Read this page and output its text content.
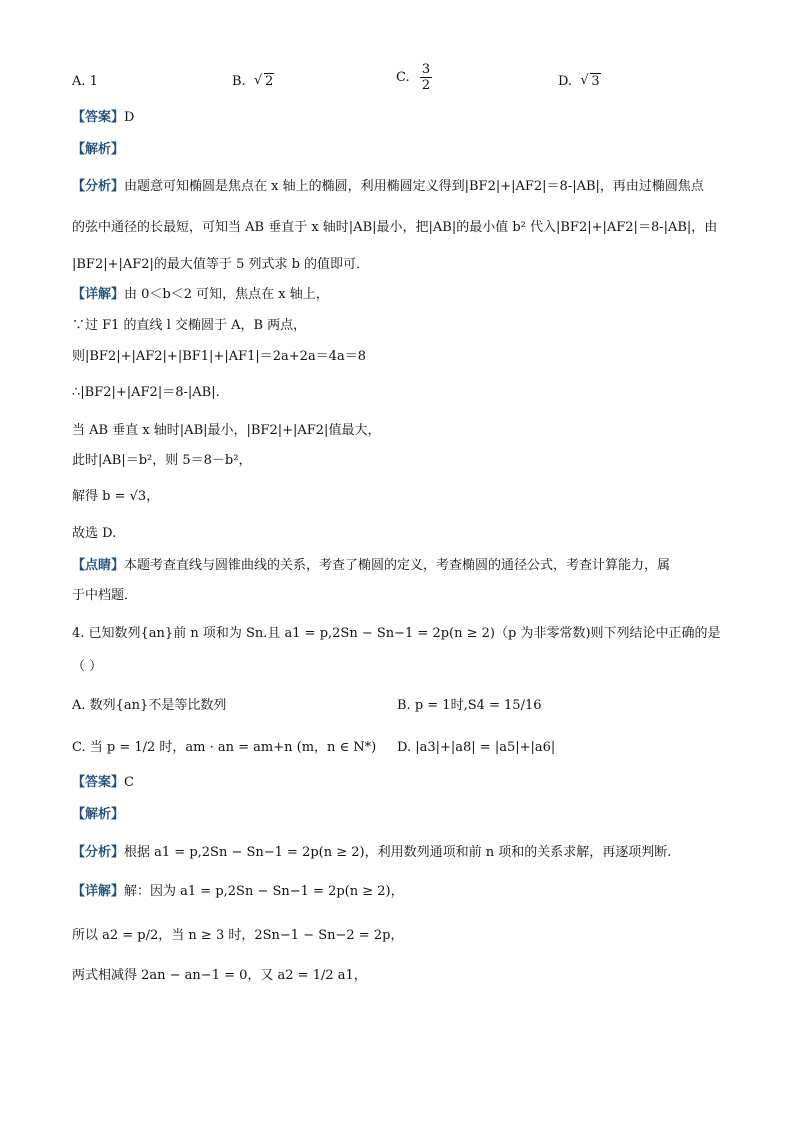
A. 1	B. √ 2	C. $\frac{3}{2}$	D. √ 3
【答案】D
【解析】
【分析】由题意可知椭圆是焦点在 x 轴上的椭圆，利用椭圆定义得到|BF2|+|AF2|＝8-|AB|，再由过椭圆焦点
的弦中通径的长最短，可知当 AB 垂直于 x 轴时|AB|最小，把|AB|的最小值 b² 代入|BF2|+|AF2|＝8-|AB|，由
|BF2|+|AF2|的最大值等于 5 列式求 b 的值即可．
【详解】由 0＜b＜2 可知，焦点在 x 轴上，
∵过 F1 的直线 l 交椭圆于 A，B 两点，
则|BF2|+|AF2|+|BF1|+|AF1|＝2a+2a＝4a＝8
∴|BF2|+|AF2|＝8-|AB|.
当 AB 垂直 x 轴时|AB|最小，|BF2|+|AF2|值最大，
此时|AB|＝b²，则 5＝8－b²，
解得 b = √3，
故选 D.
【点睛】本题考查直线与圆锥曲线的关系，考查了椭圆的定义，考查椭圆的通径公式，考查计算能力，属
于中档题．
4. 已知数列{an}前 n 项和为 Sn.且 a1 = p,2Sn − Sn−1 = 2p(n ≥ 2)（p 为非零常数)则下列结论中正确的是
（ ）
A. 数列{an}不是等比数列	B. p = 1时,S4 = 15/16
C. 当 p = 1/2 时，am · an = am+n (m，n ∈ N*) D. |a3|+|a8| = |a5|+|a6|
【答案】C
【解析】
【分析】根据 a1 = p,2Sn − Sn−1 = 2p(n ≥ 2)，利用数列通项和前 n 项和的关系求解，再逐项判断.
【详解】解：因为 a1 = p,2Sn − Sn−1 = 2p(n ≥ 2)，
所以 a2 = p/2，当 n ≥ 3 时，2Sn−1 − Sn−2 = 2p，
两式相减得 2an − an−1 = 0，又 a2 = 1/2 a1，
